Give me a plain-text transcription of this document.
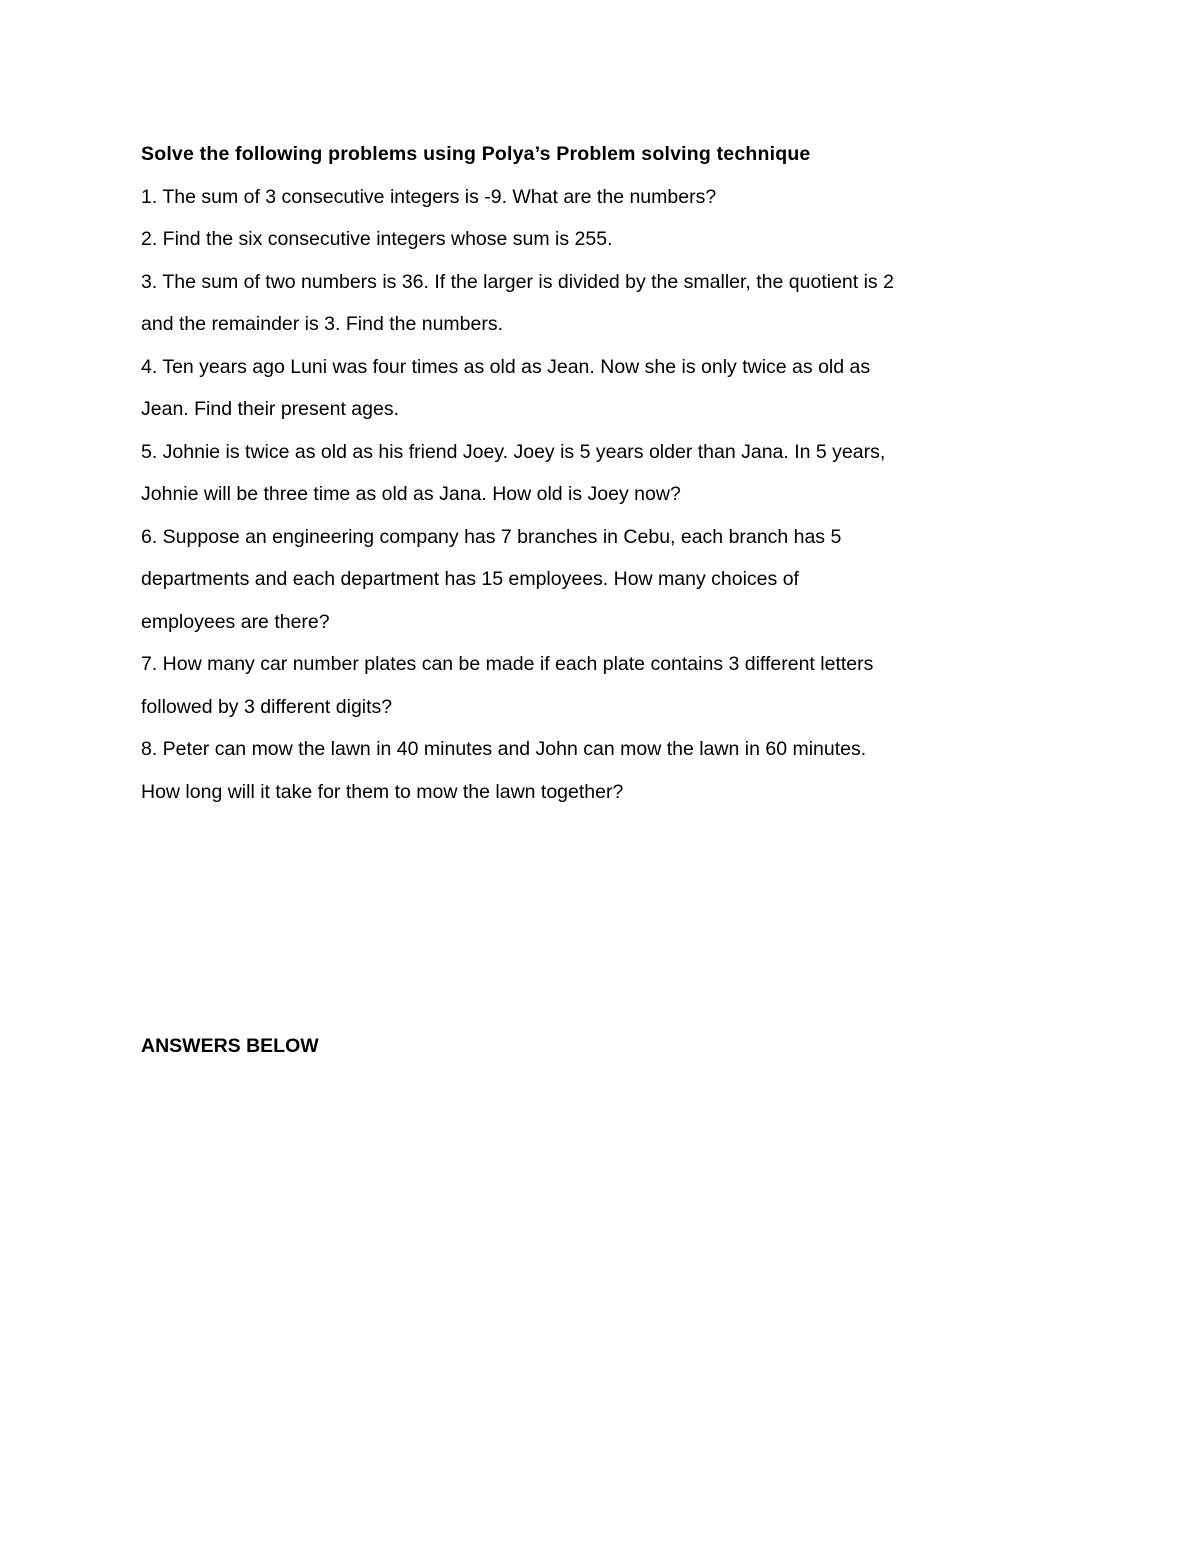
Solve the following problems using Polya’s Problem solving technique
1. The sum of 3 consecutive integers is -9. What are the numbers?
2. Find the six consecutive integers whose sum is 255.
3. The sum of two numbers is 36. If the larger is divided by the smaller, the quotient is 2
and the remainder is 3. Find the numbers.
4. Ten years ago Luni was four times as old as Jean. Now she is only twice as old as
Jean. Find their present ages.
5. Johnie is twice as old as his friend Joey. Joey is 5 years older than Jana. In 5 years,
Johnie will be three time as old as Jana. How old is Joey now?
6. Suppose an engineering company has 7 branches in Cebu, each branch has 5
departments and each department has 15 employees. How many choices of
employees are there?
7. How many car number plates can be made if each plate contains 3 different letters
followed by 3 different digits?
8. Peter can mow the lawn in 40 minutes and John can mow the lawn in 60 minutes.
How long will it take for them to mow the lawn together?
ANSWERS BELOW
